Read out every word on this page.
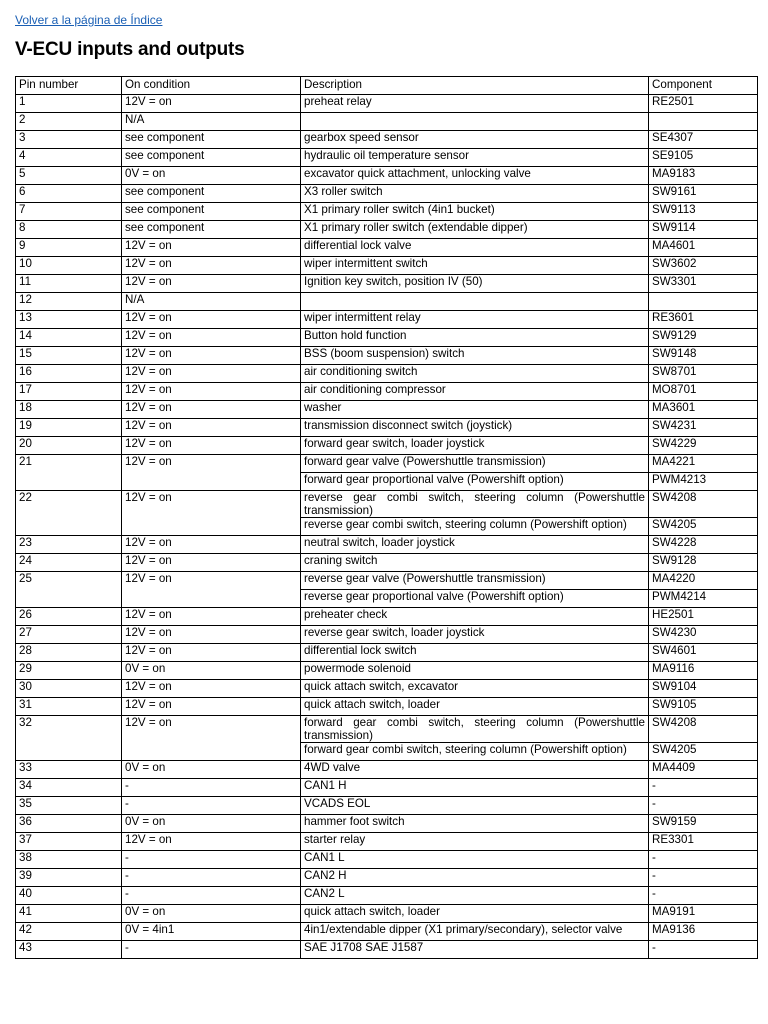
Volver a la página de Índice
V-ECU inputs and outputs
Pin number	On condition	Description	Component
1	12V = on	preheat relay	RE2501
2	N/A		
3	see component	gearbox speed sensor	SE4307
4	see component	hydraulic oil temperature sensor	SE9105
5	0V = on	excavator quick attachment, unlocking valve	MA9183
6	see component	X3 roller switch	SW9161
7	see component	X1 primary roller switch (4in1 bucket)	SW9113
8	see component	X1 primary roller switch (extendable dipper)	SW9114
9	12V = on	differential lock valve	MA4601
10	12V = on	wiper intermittent switch	SW3602
11	12V = on	Ignition key switch, position IV (50)	SW3301
12	N/A		
13	12V = on	wiper intermittent relay	RE3601
14	12V = on	Button hold function	SW9129
15	12V = on	BSS (boom suspension) switch	SW9148
16	12V = on	air conditioning switch	SW8701
17	12V = on	air conditioning compressor	MO8701
18	12V = on	washer	MA3601
19	12V = on	transmission disconnect switch (joystick)	SW4231
20	12V = on	forward gear switch, loader joystick	SW4229
21	12V = on	forward gear valve (Powershuttle transmission)	MA4221
		forward gear proportional valve (Powershift option)	PWM4213
22	12V = on	reverse gear combi switch, steering column (Powershuttle transmission)	SW4208
		reverse gear combi switch, steering column (Powershift option)	SW4205
23	12V = on	neutral switch, loader joystick	SW4228
24	12V = on	craning switch	SW9128
25	12V = on	reverse gear valve (Powershuttle transmission)	MA4220
		reverse gear proportional valve (Powershift option)	PWM4214
26	12V = on	preheater check	HE2501
27	12V = on	reverse gear switch, loader joystick	SW4230
28	12V = on	differential lock switch	SW4601
29	0V = on	powermode solenoid	MA9116
30	12V = on	quick attach switch, excavator	SW9104
31	12V = on	quick attach switch, loader	SW9105
32	12V = on	forward gear combi switch, steering column (Powershuttle transmission)	SW4208
		forward gear combi switch, steering column (Powershift option)	SW4205
33	0V = on	4WD valve	MA4409
34	-	CAN1 H	-
35	-	VCADS EOL	-
36	0V = on	hammer foot switch	SW9159
37	12V = on	starter relay	RE3301
38	-	CAN1 L	-
39	-	CAN2 H	-
40	-	CAN2 L	-
41	0V = on	quick attach switch, loader	MA9191
42	0V = 4in1	4in1/extendable dipper (X1 primary/secondary), selector valve	MA9136
43	-	SAE J1708 SAE J1587	-
